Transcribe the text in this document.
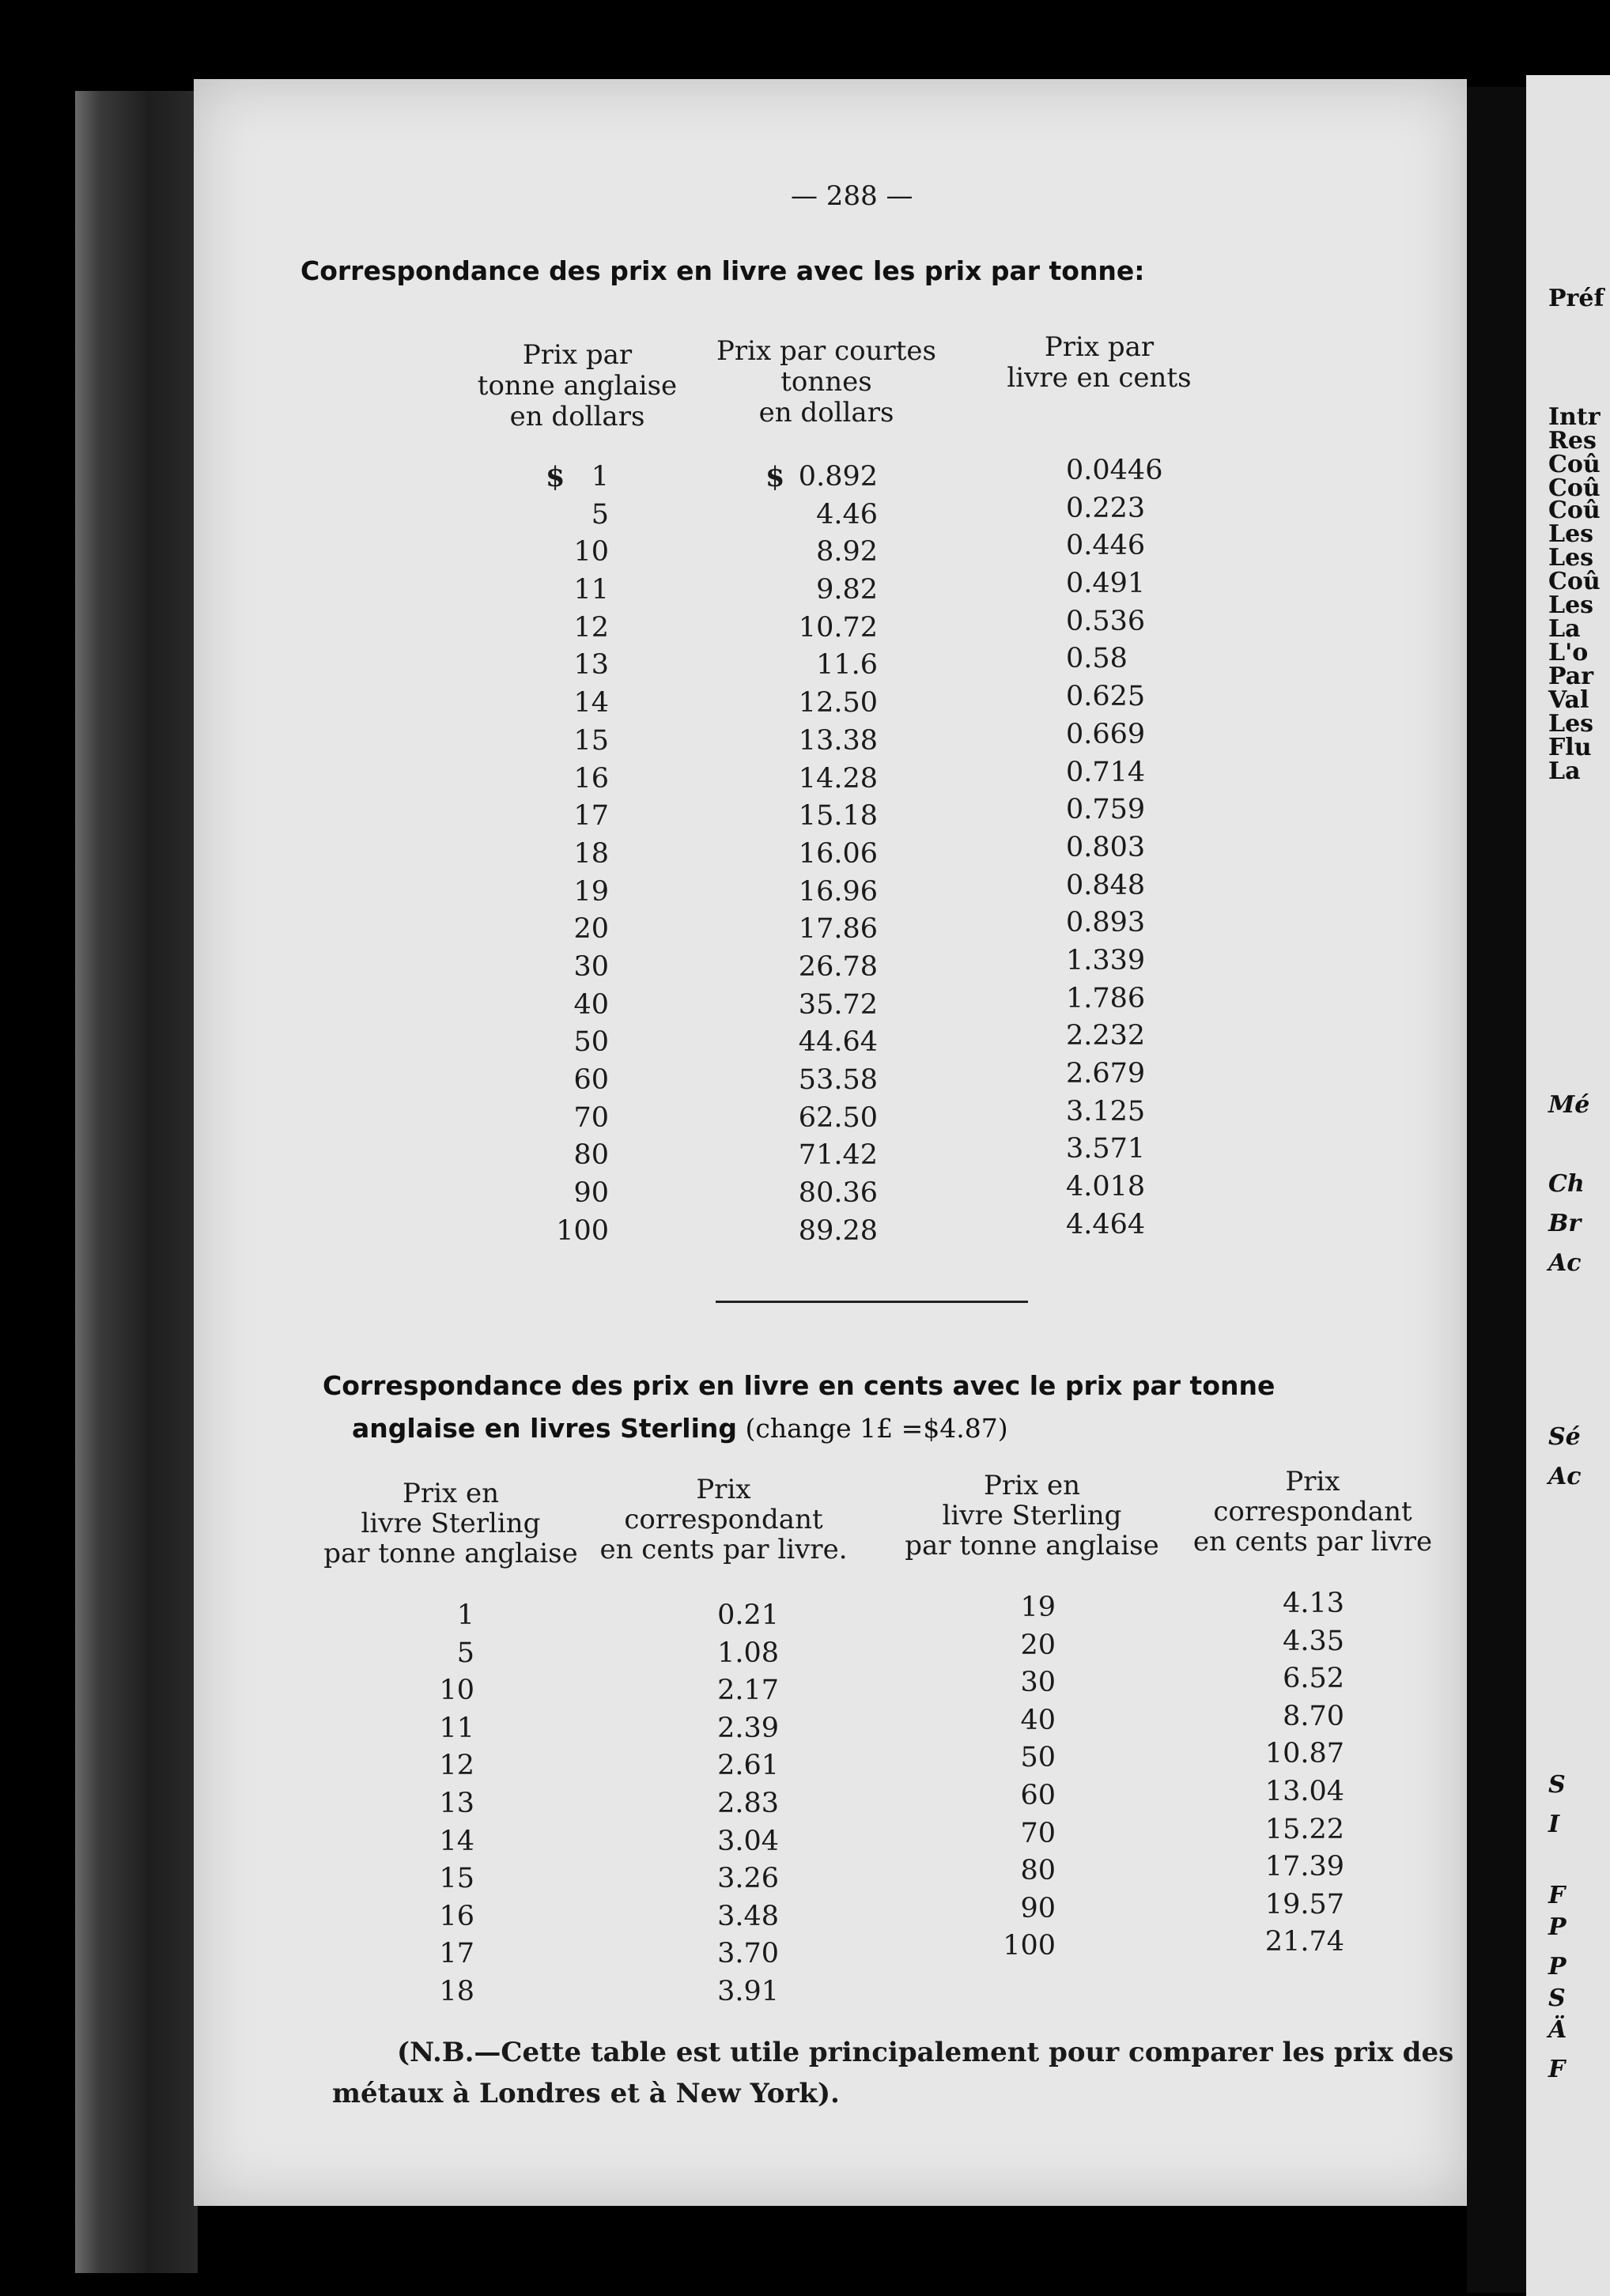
Préf
Intr
Res
Coû
Coû
Coû
Les
Les
Coû
Les
La
L'o
Par
Val
Les
Flu
La
Mé
Ch
Br
Ac
Sé
Ac
S
I
F
P
P
S
Ä
F
— 288 —
Correspondance des prix en livre avec les prix par tonne:
Prix par
tonne anglaise
en dollars
Prix par courtes
tonnes
en dollars
Prix par
livre en cents
$	$
1
5
10
11
12
13
14
15
16
17
18
19
20
30
40
50
60
70
80
90
100
0.892
4.46
8.92
9.82
10.72
11.6
12.50
13.38
14.28
15.18
16.06
16.96
17.86
26.78
35.72
44.64
53.58
62.50
71.42
80.36
89.28
0.0446
0.223
0.446
0.491
0.536
0.58
0.625
0.669
0.714
0.759
0.803
0.848
0.893
1.339
1.786
2.232
2.679
3.125
3.571
4.018
4.464
Correspondance des prix en livre en cents avec le prix par tonne
anglaise en livres Sterling (change 1£ =$4.87)
Prix en
livre Sterling
par tonne anglaise
Prix
correspondant
en cents par livre.
Prix en
livre Sterling
par tonne anglaise
Prix
correspondant
en cents par livre
1
5
10
11
12
13
14
15
16
17
18
0.21
1.08
2.17
2.39
2.61
2.83
3.04
3.26
3.48
3.70
3.91
19
20
30
40
50
60
70
80
90
100
4.13
4.35
6.52
8.70
10.87
13.04
15.22
17.39
19.57
21.74
(N.B.—Cette table est utile principalement pour comparer les prix des
métaux à Londres et à New York).
